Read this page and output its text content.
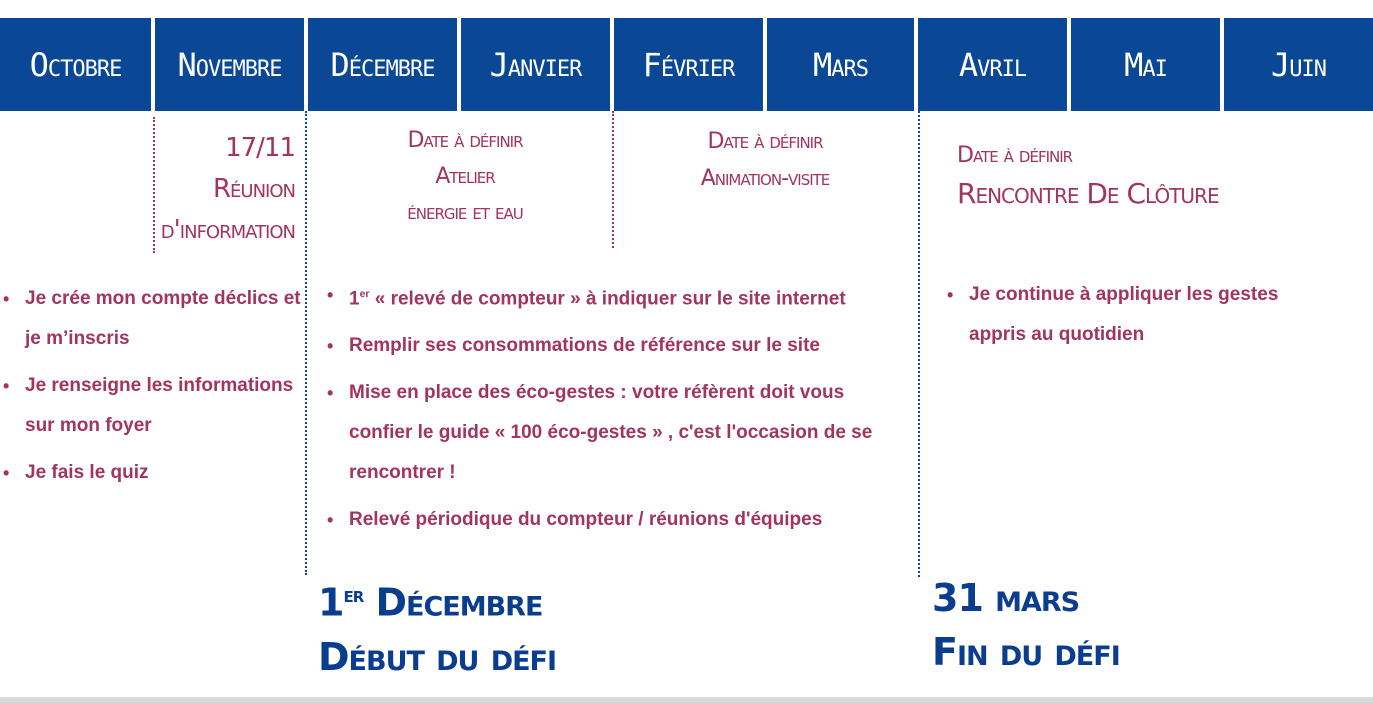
Octobre	Novembre	Décembre	Janvier	Février	Mars	Avril	Mai	Juin
17/11
Réunion
d'information
Date à définir
Atelier
énergie et eau
Date à définir
Animation-visite
Date à définir
Rencontre De Clôture
• Je crée mon compte déclics et je m’inscris
• Je renseigne les informations sur mon foyer
• Je fais le quiz
• 1er « relevé de compteur » à indiquer sur le site internet
• Remplir ses consommations de référence sur le site
• Mise en place des éco-gestes : votre réfèrent doit vous confier le guide « 100 éco-gestes » , c'est l'occasion de se rencontrer !
• Relevé périodique du compteur / réunions d'équipes
• Je continue à appliquer les gestes appris au quotidien
1er Décembre
Début du défi
31 mars
Fin du défi
